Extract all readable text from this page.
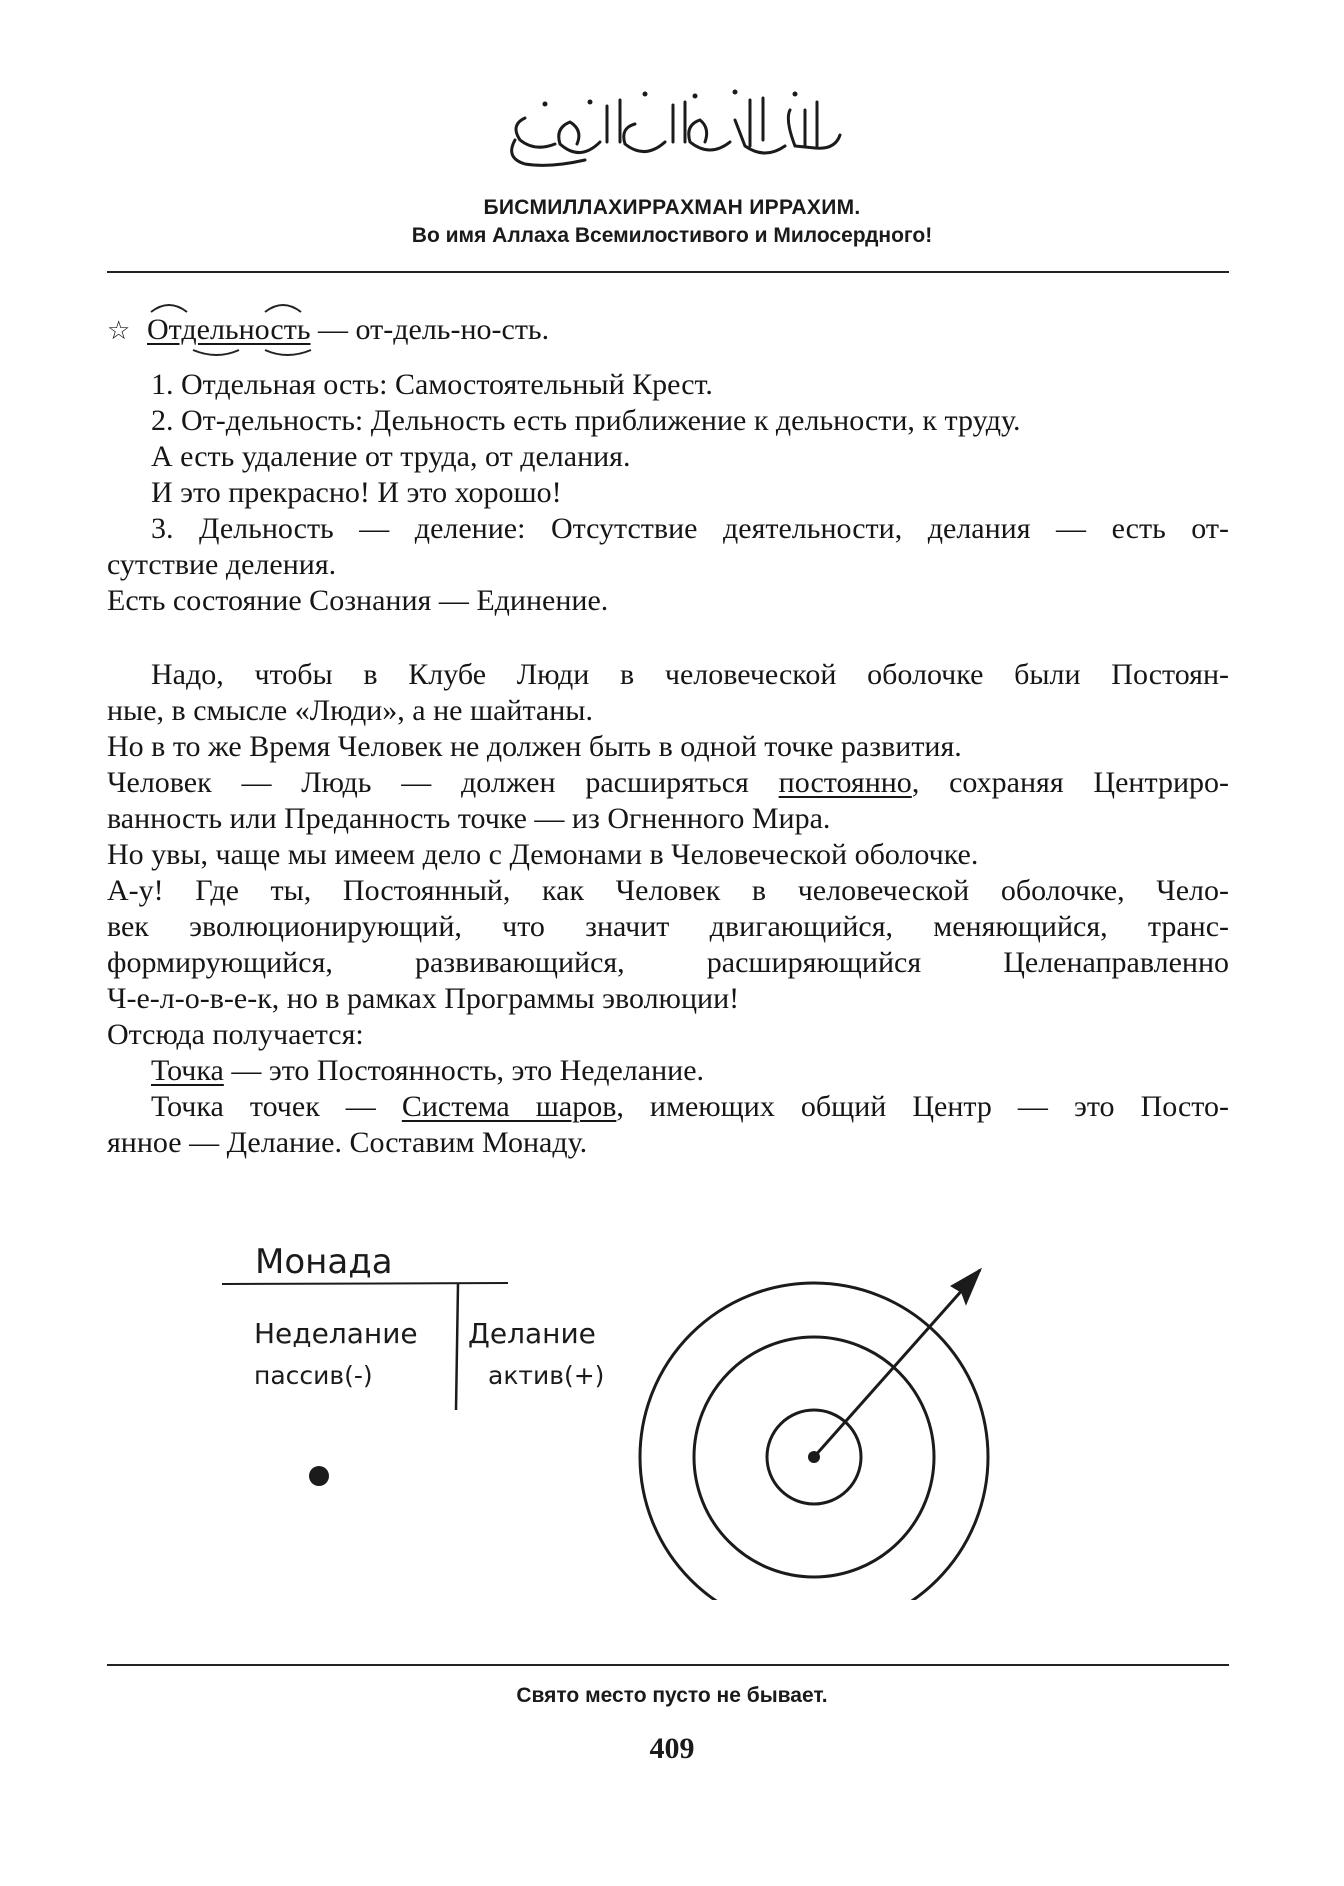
БИСМИЛЛАХИРРАХМАН ИРРАХИМ.
Во имя Аллаха Всемилостивого и Милосердного!
☆ Отдельность — от-дель-но-сть.
1. Отдельная ость: Самостоятельный Крест.
2. От-дельность: Дельность есть приближение к дельности, к труду.
А есть удаление от труда, от делания.
И это прекрасно! И это хорошо!
3. Дельность — деление: Отсутствие деятельности, делания — есть от-
сутствие деления.
Есть состояние Сознания — Единение.
Надо, чтобы в Клубе Люди в человеческой оболочке были Постоян-
ные, в смысле «Люди», а не шайтаны.
Но в то же Время Человек не должен быть в одной точке развития.
Человек — Людь — должен расширяться постоянно, сохраняя Центриро-
ванность или Преданность точке — из Огненного Мира.
Но увы, чаще мы имеем дело с Демонами в Человеческой оболочке.
А-у! Где ты, Постоянный, как Человек в человеческой оболочке, Чело-
век эволюционирующий, что значит двигающийся, меняющийся, транс-
формирующийся, развивающийся, расширяющийся Целенаправленно
Ч-е-л-о-в-е-к, но в рамках Программы эволюции!
Отсюда получается:
Точка — это Постоянность, это Неделание.
Точка точек — Система шаров, имеющих общий Центр — это Посто-
янное — Делание. Составим Монаду.
Монада
Неделание
пассив(-)
Делание
актив(+)
Свято место пусто не бывает.
409
